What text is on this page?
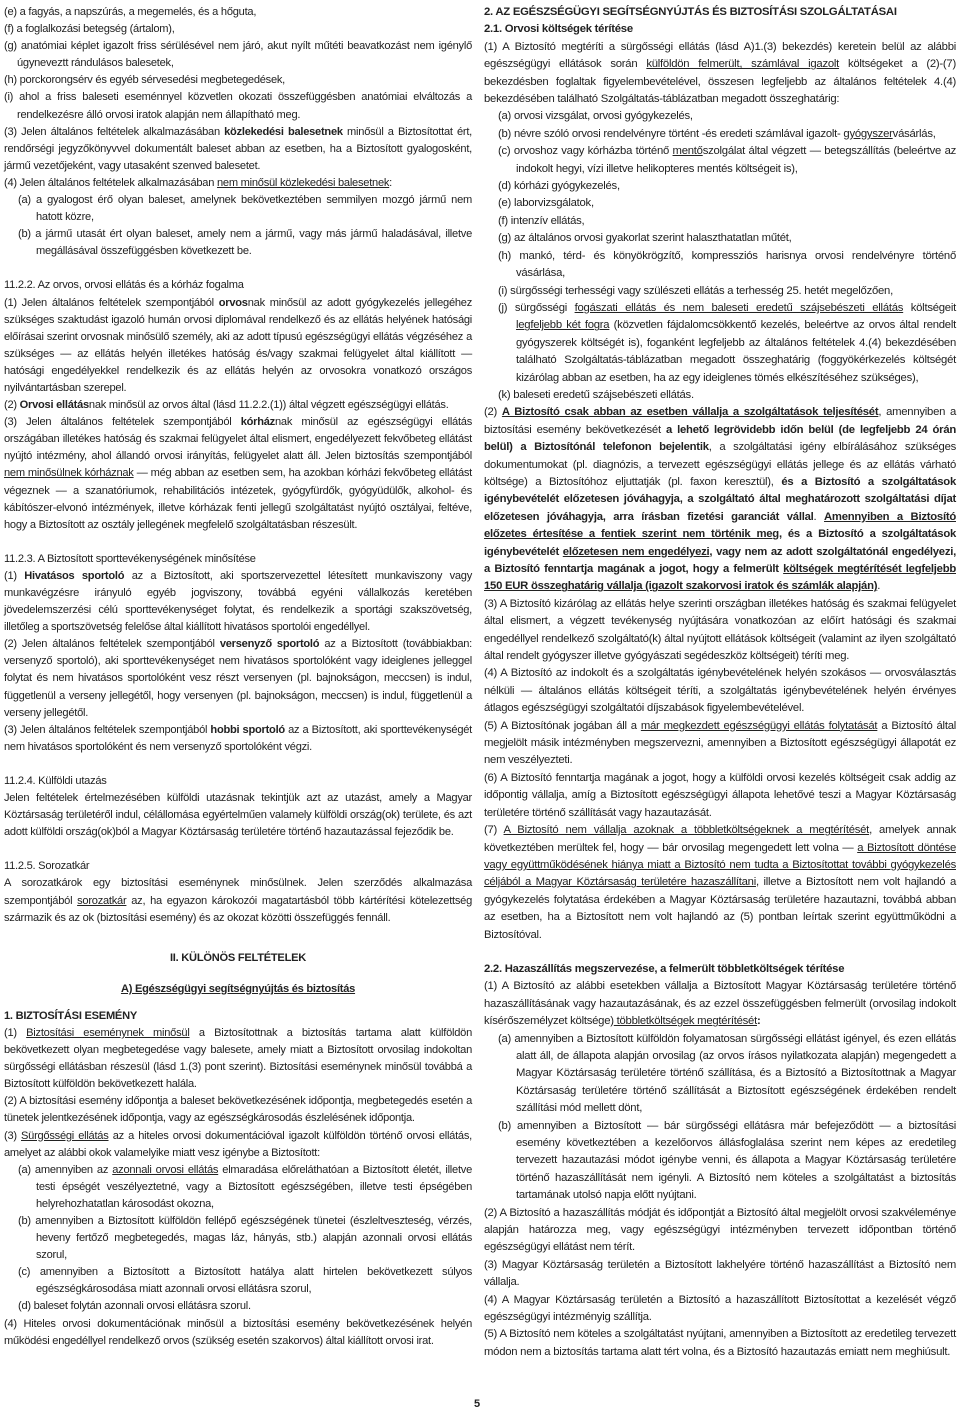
(e) a fagyás, a napszúrás, a megemelés, és a hőguta,

(f) a foglalkozási betegség (ártalom),

(g) anatómiai képlet igazolt friss sérülésével nem járó, akut nyílt műtéti beavatkozást nem igénylő úgyneveztt rándulásos balesetek,

(h) porckorongsérv és egyéb sérvesedési megbetegedések,

(i) ahol a friss baleseti eseménnyel közvetlen okozati összefüggésben anatómiai elváltozás a rendelkezésre álló orvosi iratok alapján nem állapítható meg.

(3) Jelen általános feltételek alkalmazásában közlekedési balesetnek minősül a Biztosítottat ért, rendőrségi jegyzőkönyvvel dokumentált baleset abban az esetben, ha a Biztosított gyalogosként, jármű vezetőjeként, vagy utasaként szenved balesetet.

(4) Jelen általános feltételek alkalmazásában nem minősül közlekedési balesetnek:

(a) a gyalogost érő olyan baleset, amelynek bekövetkeztében semmilyen mozgó jármű nem hatott közre,

(b) a jármű utasát ért olyan baleset, amely nem a jármű, vagy más jármű haladásával, illetve megállásával összefüggésben következett be.

11.2.2. Az orvos, orvosi ellátás és a kórház fogalma

(1) Jelen általános feltételek szempontjából orvosnak minősül az adott gyógykezelés jellegéhez szükséges szaktudást igazoló humán orvosi diplomával rendelkező és az ellátás helyének hatósági előírásai szerint orvosnak minősülő személy, aki az adott típusú egészségügyi ellátás végzéséhez a szükséges — az ellátás helyén illetékes hatóság és/vagy szakmai felügyelet által kiállított — hatósági engedélyekkel rendelkezik és az ellátás helyén az orvosokra vonatkozó országos nyilvántartásban szerepel.

(2) Orvosi ellátásnak minősül az orvos által (lásd 11.2.2.(1)) által végzett egészségügyi ellátás.

(3) Jelen általános feltételek szempontjából kórháznak minősül az egészségügyi ellátás országában illetékes hatóság és szakmai felügyelet által elismert, engedélyezett fekvőbeteg ellátást nyújtó intézmény, ahol állandó orvosi irányítás, felügyelet alatt áll. Jelen biztosítás szempontjából nem minősülnek kórháznak — még abban az esetben sem, ha azokban kórházi fekvőbeteg ellátást végeznek — a szanatóriumok, rehabilitációs intézetek, gyógyfürdők, gyógyüdülők, alkohol- és kábítószer-elvonó intézmények, illetve kórházak fenti jellegű szolgáltatást nyújtó osztályai, feltéve, hogy a Biztosított az osztály jellegének megfelelő szolgáltatásban részesült.

11.2.3. A Biztosított sporttevékenységének minősítése

(1) Hivatásos sportoló az a Biztosított, aki sportszervezettel létesített munkaviszony vagy munkavégzésre irányuló egyéb jogviszony, továbbá egyéni vállalkozás keretében jövedelemszerzési célú sporttevékenységet folytat, és rendelkezik a sportági szakszövetség, illetőleg a sportszövetség felelőse által kiállított hivatásos sportolói engedéllyel.

(2) Jelen általános feltételek szempontjából versenyző sportoló az a Biztosított (továbbiakban: versenyző sportoló), aki sporttevékenységet nem hivatásos sportolóként vagy ideiglenes jelleggel folytat és nem hivatásos sportolóként vesz részt versenyen (pl. bajnokságon, meccsen) is indul, függetlenül a verseny jellegétől, hogy versenyen (pl. bajnokságon, meccsen) is indul, függetlenül a verseny jellegétől.

(3) Jelen általános feltételek szempontjából hobbi sportoló az a Biztosított, aki sporttevékenységét nem hivatásos sportolóként és nem versenyző sportolóként végzi.

11.2.4. Külföldi utazás

Jelen feltételek értelmezésében külföldi utazásnak tekintjük azt az utazást, amely a Magyar Köztársaság területéről indul, célállomása egyértelműen valamely külföldi ország(ok) területe, és azt adott külföldi ország(ok)ból a Magyar Köztársaság területére történő hazautazással fejeződik be.

11.2.5. Sorozatkár

A sorozatkárok egy biztosítási eseménynek minősülnek. Jelen szerződés alkalmazása szempontjából sorozatkár az, ha egyazon károkozói magatartásból több kártérítési kötelezettség származik és az ok (biztosítási esemény) és az okozat közötti összefüggés fennáll.

II. KÜLÖNÖS FELTÉTELEK

A) Egészségügyi segítségnyújtás és biztosítás

1. BIZTOSÍTÁSI ESEMÉNY

(1) Biztosítási eseménynek minősül a Biztosítottnak a biztosítás tartama alatt külföldön bekövetkezett olyan megbetegedése vagy balesete, amely miatt a Biztosított orvosilag indokoltan sürgősségi ellátásban részesül (lásd 1.(3) pont szerint). Biztosítási eseménynek minősül továbbá a Biztosított külföldön bekövetkezett halála.

(2) A biztosítási esemény időpontja a baleset bekövetkezésének időpontja, megbetegedés esetén a tünetek jelentkezésének időpontja, vagy az egészségkárosodás észlelésének időpontja.

(3) Sürgősségi ellátás az a hiteles orvosi dokumentációval igazolt külföldön történő orvosi ellátás, amelyet az alábbi okok valamelyike miatt vesz igénybe a Biztosított:

(a) amennyiben az azonnali orvosi ellátás elmaradása előreláthatóan a Biztosított életét, illetve testi épségét veszélyeztetné, vagy a Biztosított egészségében, illetve testi épségében helyrehozhatatlan károsodást okozna,

(b) amennyiben a Biztosított külföldön fellépő egészségének tünetei (észleltveszteség, vérzés, heveny fertőző megbetegedés, magas láz, hányás, stb.) alapján azonnali orvosi ellátás szorul,

(c) amennyiben a Biztosított a Biztosított hatálya alatt hirtelen bekövetkezett súlyos egészségkárosodása miatt azonnali orvosi ellátásra szorul,

(d) baleset folytán azonnali orvosi ellátásra szorul.

(4) Hiteles orvosi dokumentációnak minősül a biztosítási esemény bekövetkezésének helyén működési engedéllyel rendelkező orvos (szükség esetén szakorvos) által kiállított orvosi irat.

2. AZ EGÉSZSÉGÜGYI SEGÍTSÉGNYÚJTÁS ÉS BIZTOSÍTÁSI SZOLGÁLTATÁSAI

2.1. Orvosi költségek térítése

(1) A Biztosító megtéríti a sürgősségi ellátás (lásd A)1.(3) bekezdés) keretein belül az alábbi egészségügyi ellátások során külföldön felmerült, számlával igazolt költségeket a (2)-(7) bekezdésben foglaltak figyelembevételével, összesen legfeljebb az általános feltételek 4.(4) bekezdésében található Szolgáltatás-táblázatban megadott összeghatárig:

(a) orvosi vizsgálat, orvosi gyógykezelés,

(b) névre szóló orvosi rendelvényre történt -és eredeti számlával igazolt- gyógyszervásárlás,

(c) orvoshoz vagy kórházba történő mentőszolgálat által végzett — betegszállítás (beleértve az indokolt hegyi, vízi illetve helikopteres mentés költségeit is),

(d) kórházi gyógykezelés,

(e) laborvizsgálatok,

(f) intenzív ellátás,

(g) az általános orvosi gyakorlat szerint halaszthatatlan műtét,

(h) mankó, térd- és könyökrögzítő, kompressziós harisnya orvosi rendelvényre történő vásárlása,

(i) sürgősségi terhességi vagy szülészeti ellátás a terhesség 25. hetét megelőzően,

(j) sürgősségi fogászati ellátás és nem baleseti eredetű szájsebészeti ellátás költségeit legfeljebb két fogra (közvetlen fájdalomcsökkentő kezelés, beleértve az orvos által rendelt gyógyszerek költségét is), foganként legfeljebb az általános feltételek 4.(4) bekezdésében található Szolgáltatás-táblázatban megadott összeghatárig (foggyökérkezelés költségét kizárólag abban az esetben, ha az egy ideiglenes tömés elkészítéséhez szükséges),

(k) baleseti eredetű szájsebészeti ellátás.

(2) A Biztosító csak abban az esetben vállalja a szolgáltatások teljesítését, amennyiben a biztosítási esemény bekövetkezését a lehető legrövidebb időn belül (de legfeljebb 24 órán belül) a Biztosítónál telefonon bejelentik, a szolgáltatási igény elbírálásához szükséges dokumentumokat (pl. diagnózis, a tervezett egészségügyi ellátás jellege és az ellátás várható költsége) a Biztosítóhoz eljuttatják (pl. faxon keresztül), és a Biztosító a szolgáltatások igénybevételét előzetesen jóváhagyja, a szolgáltató által meghatározott szolgáltatási díjat előzetesen jóváhagyja, arra írásban fizetési garanciát vállal. Amennyiben a Biztosító előzetes értesítése a fentiek szerint nem történik meg, és a Biztosító a szolgáltatások igénybevételét előzetesen nem engedélyezi, vagy nem az adott szolgáltatónál engedélyezi, a Biztosító fenntartja magának a jogot, hogy a felmerült költségek megtérítését legfeljebb 150 EUR összeghatárig vállalja (igazolt szakorvosi iratok és számlák alapján).

(3) A Biztosító kizárólag az ellátás helye szerinti országban illetékes hatóság és szakmai felügyelet által elismert, a végzett tevékenység nyújtására vonatkozóan az előírt hatósági és szakmai engedéllyel rendelkező szolgáltató(k) által nyújtott ellátások költségeit (valamint az ilyen szolgáltató által rendelt gyógyszer illetve gyógyászati segédeszköz költségeit) téríti meg.

(4) A Biztosító az indokolt és a szolgáltatás igénybevételének helyén szokásos — orvosválasztás nélküli — általános ellátás költségeit téríti, a szolgáltatás igénybevételének helyén érvényes átlagos egészségügyi szolgáltatói díjszabások figyelembevételével.

(5) A Biztosítónak jogában áll a már megkezdett egészségügyi ellátás folytatását a Biztosító által megjelölt másik intézményben megszervezni, amennyiben a Biztosított egészségügyi állapotát ez nem veszélyezteti.

(6) A Biztosító fenntartja magának a jogot, hogy a külföldi orvosi kezelés költségeit csak addig az időpontig vállalja, amíg a Biztosított egészségügyi állapota lehetővé teszi a Magyar Köztársaság területére történő szállítását vagy hazautazását.

(7) A Biztosító nem vállalja azoknak a többletköltségeknek a megtérítését, amelyek annak következtében merültek fel, hogy — bár orvosilag megengedett lett volna — a Biztosított döntése vagy együttműködésének hiánya miatt a Biztosító nem tudta a Biztosítottat további gyógykezelés céljából a Magyar Köztársaság területére hazaszállítani, illetve a Biztosított nem volt hajlandó a gyógykezelés folytatása érdekében a Magyar Köztársaság területére hazautazni, továbbá abban az esetben, ha a Biztosított nem volt hajlandó az (5) pontban leírtak szerint együttműködni a Biztosítóval.

2.2. Hazaszállítás megszervezése, a felmerült többletköltségek térítése

(1) A Biztosító az alábbi esetekben vállalja a Biztosított Magyar Köztársaság területére történő hazaszállításának vagy hazautazásának, és az ezzel összefüggésben felmerült (orvosilag indokolt kísérőszemélyzet költsége) többletköltségek megtérítését:

(a) amennyiben a Biztosított külföldön folyamatosan sürgősségi ellátást igényel, és ezen ellátás alatt áll, de állapota alapján orvosilag (az orvos írásos nyilatkozata alapján) megengedett a Magyar Köztársaság területére történő szállítása, és a Biztosító a Biztosítottnak a Magyar Köztársaság területére történő szállítását a Biztosított egészségének érdekében rendelt szállítási mód mellett dönt,

(b) amennyiben a Biztosított — bár sürgősségi ellátásra már befejeződött — a biztosítási esemény következtében a kezelőorvos állásfoglalása szerint nem képes az eredetileg tervezett hazautazási módot igénybe venni, és állapota a Magyar Köztársaság területére történő hazaszállítását nem igényli. A Biztosító nem köteles a szolgáltatást a biztosítás tartamának utolsó napja előtt nyújtani.

(2) A Biztosító a hazaszállítás módját és időpontját a Biztosító által megjelölt orvosi szakvéleménye alapján határozza meg, vagy egészségügyi intézményben tervezett időpontban történő egészségügyi ellátást nem térít.

(3) Magyar Köztársaság területén a Biztosított lakhelyére történő hazaszállítást a Biztosító nem vállalja.

(4) A Magyar Köztársaság területén a Biztosító a hazaszállított Biztosítottat a kezelését végző egészségügyi intézményig szállítja.

(5) A Biztosító nem köteles a szolgáltatást nyújtani, amennyiben a Biztosított az eredetileg tervezett módon nem a biztosítás tartama alatt tért volna, és a Biztosító hazautazás emiatt nem meghiúsult.

5
